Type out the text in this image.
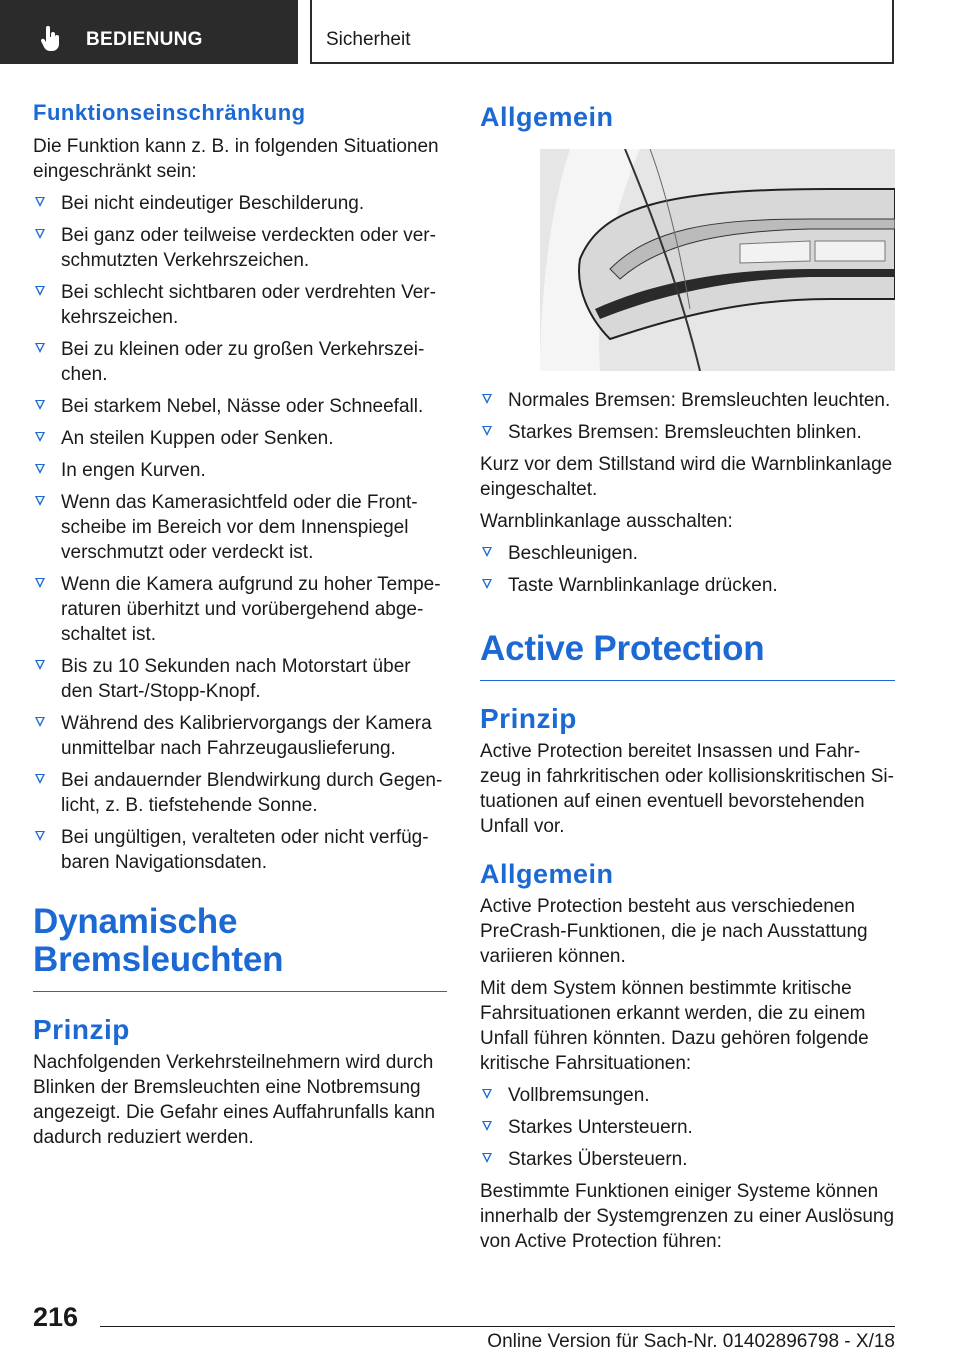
BEDIENUNG	Sicherheit
Funktionseinschränkung

Die Funktion kann z. B. in folgenden Situationen eingeschränkt sein:

Bei nicht eindeutiger Beschilderung.
Bei ganz oder teilweise verdeckten oder ver‐schmutzten Verkehrszeichen.
Bei schlecht sichtbaren oder verdrehten Ver‐kehrszeichen.
Bei zu kleinen oder zu großen Verkehrszei‐chen.
Bei starkem Nebel, Nässe oder Schneefall.
An steilen Kuppen oder Senken.
In engen Kurven.
Wenn das Kamerasichtfeld oder die Front‐scheibe im Bereich vor dem Innenspiegel verschmutzt oder verdeckt ist.
Wenn die Kamera aufgrund zu hoher Tempe‐raturen überhitzt und vorübergehend abge‐schaltet ist.
Bis zu 10 Sekunden nach Motorstart über den Start-/Stopp-Knopf.
Während des Kalibriervorgangs der Kamera unmittelbar nach Fahrzeugauslieferung.
Bei andauernder Blendwirkung durch Gegen‐licht, z. B. tiefstehende Sonne.
Bei ungültigen, veralteten oder nicht verfüg‐baren Navigationsdaten.
Dynamische Bremsleuchten
Prinzip

Nachfolgenden Verkehrsteilnehmern wird durch Blinken der Bremsleuchten eine Notbremsung angezeigt. Die Gefahr eines Auffahrunfalls kann dadurch reduziert werden.

Allgemein
Normales Bremsen: Bremsleuchten leuchten.
Starkes Bremsen: Bremsleuchten blinken.

Kurz vor dem Stillstand wird die Warnblinkanlage eingeschaltet.

Warnblinkanlage ausschalten:

Beschleunigen.
Taste Warnblinkanlage drücken.
Active Protection
Prinzip

Active Protection bereitet Insassen und Fahr‐zeug in fahrkritischen oder kollisionskritischen Si‐tuationen auf einen eventuell bevorstehenden Unfall vor.

Allgemein

Active Protection besteht aus verschiedenen PreCrash-Funktionen, die je nach Ausstattung variieren können.

Mit dem System können bestimmte kritische Fahrsituationen erkannt werden, die zu einem Unfall führen könnten. Dazu gehören folgende kritische Fahrsituationen:

Vollbremsungen.
Starkes Untersteuern.
Starkes Übersteuern.

Bestimmte Funktionen einiger Systeme können innerhalb der Systemgrenzen zu einer Auslösung von Active Protection führen:

216
Online Version für Sach-Nr. 01402896798 - X/18
